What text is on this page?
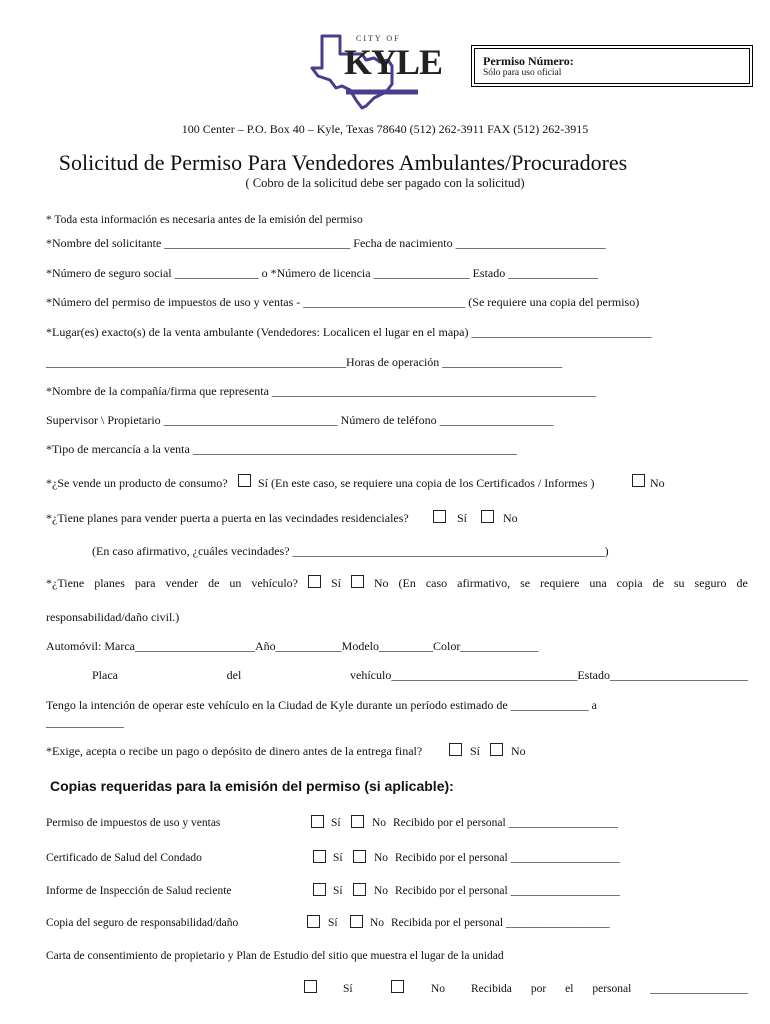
CITY OF
KYLE	Permiso Número:
Sólo para uso oficial
100 Center – P.O. Box 40 – Kyle, Texas 78640 (512) 262-3911 FAX (512) 262-3915
Solicitud de Permiso Para Vendedores Ambulantes/Procuradores
( Cobro de la solicitud debe ser pagado con la solicitud)
* Toda esta información es necesaria antes de la emisión del permiso
*Nombre del solicitante _______________________________ Fecha de nacimiento _________________________
*Número de seguro social ______________ o *Número de licencia ________________ Estado _______________
*Número del permiso de impuestos de uso y ventas - ___________________________ (Se requiere una copia del permiso)
*Lugar(es) exacto(s) de la venta ambulante (Vendedores: Localicen el lugar en el mapa) ______________________________
__________________________________________________Horas de operación ____________________
*Nombre de la compañía/firma que representa ______________________________________________________
Supervisor \ Propietario _____________________________ Número de teléfono ___________________
*Tipo de mercancía a la venta ______________________________________________________
*¿Se vende un producto de consumo?	Sí (En este caso, se requiere una copia de los Certificados / Informes )	No
*¿Tiene planes para vender puerta a puerta en las vecindades residenciales?	Sí	No
(En caso afirmativo, ¿cuáles vecindades? ____________________________________________________)
*¿Tiene planes para vender de un vehículo?	Sí	No (En caso afirmativo, se requiere una copia de su seguro de
responsabilidad/daño civil.)
Automóvil: Marca____________________Año___________Modelo_________Color_____________
Placa	del	vehículo_______________________________Estado_______________________
Tengo la intención de operar este vehículo en la Ciudad de Kyle durante un período estimado de _____________ a
_____________
*Exige, acepta o recibe un pago o depósito de dinero antes de la entrega final?	Sí	No
Copias requeridas para la emisión del permiso (si aplicable):
Permiso de impuestos de uso y ventas	Sí	No Recibido por el personal ___________________
Certificado de Salud del Condado	Sí	No Recibido por el personal ___________________
Informe de Inspección de Salud reciente	Sí	No Recibido por el personal ___________________
Copia del seguro de responsabilidad/daño	Sí	No Recibida por el personal __________________
Carta de consentimiento de propietario y Plan de Estudio del sitio que muestra el lugar de la unidad
Sí	No Recibida por el personal _________________
